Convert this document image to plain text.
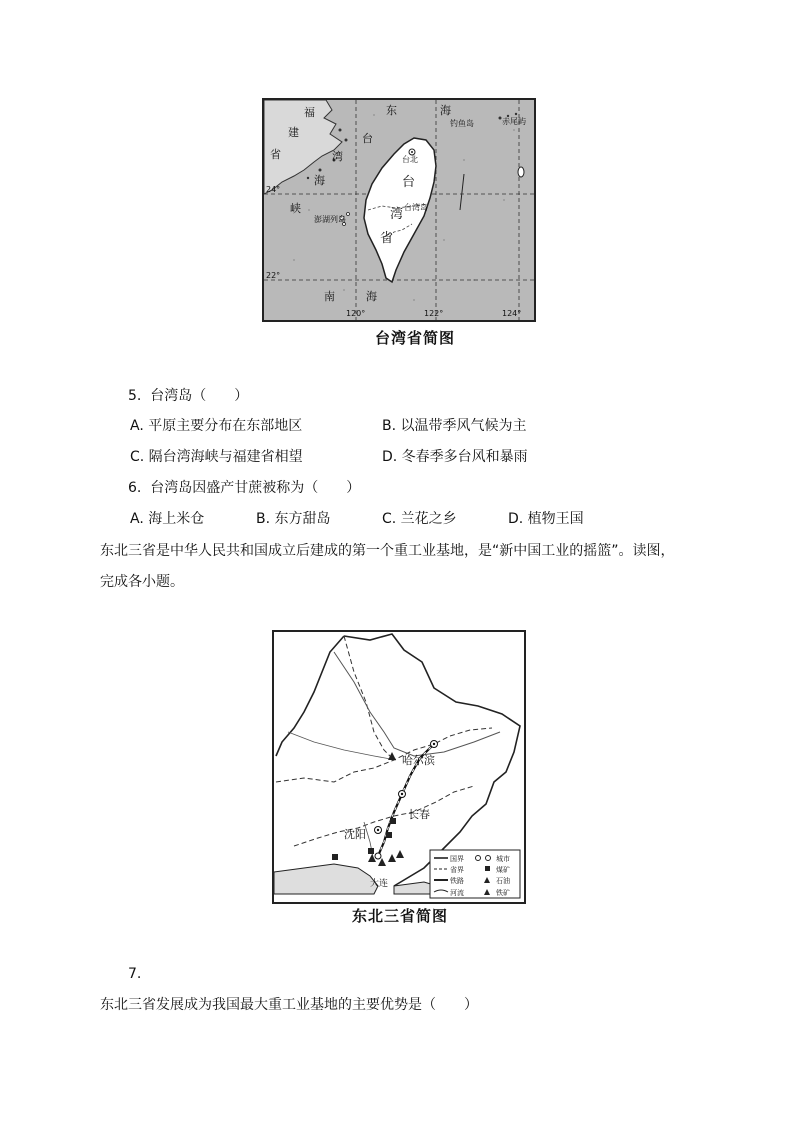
福
建
省
东	海
台
湾
海
峡
南	海
台
湾
省
钓鱼岛	赤尾屿
澎湖列岛
台北
台湾岛
24°
22°
120°	122°	124°
台湾省简图
5. 台湾岛（　　）
A. 平原主要分布在东部地区	B. 以温带季风气候为主
C. 隔台湾海峡与福建省相望	D. 冬春季多台风和暴雨
6. 台湾岛因盛产甘蔗被称为（　　）
A. 海上米仓	B. 东方甜岛	C. 兰花之乡	D. 植物王国
东北三省是中华人民共和国成立后建成的第一个重工业基地，是“新中国工业的摇篮”。读图，
完成各小题。
哈尔滨
长春
沈阳
大连
国界
省界
铁路
河流
城市
煤矿
石油
铁矿
东北三省简图
7.
东北三省发展成为我国最大重工业基地的主要优势是（　　）
